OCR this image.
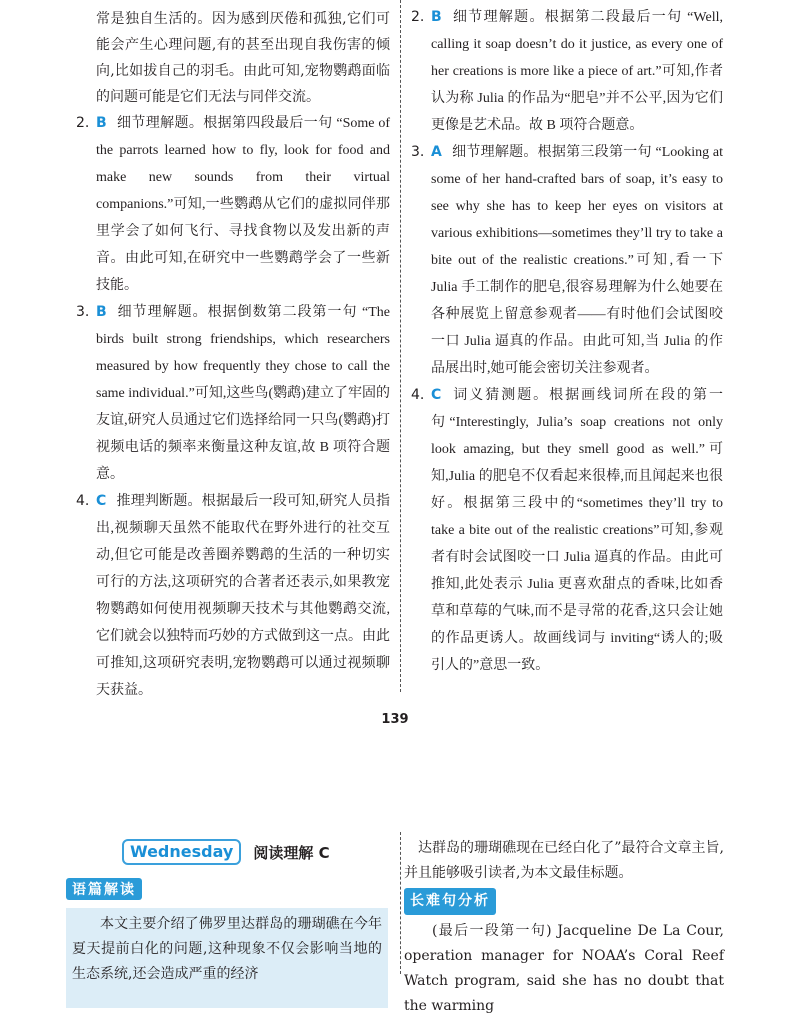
常是独自生活的。因为感到厌倦和孤独,它们可能会产生心理问题,有的甚至出现自我伤害的倾向,比如拔自己的羽毛。由此可知,宠物鹦鹉面临的问题可能是它们无法与同伴交流。

2. B 细节理解题。根据第四段最后一句 “Some of the parrots learned how to fly, look for food and make new sounds from their virtual companions.”可知,一些鹦鹉从它们的虚拟同伴那里学会了如何飞行、寻找食物以及发出新的声音。由此可知,在研究中一些鹦鹉学会了一些新技能。
3. B 细节理解题。根据倒数第二段第一句 “The birds built strong friendships, which researchers measured by how frequently they chose to call the same individual.”可知,这些鸟(鹦鹉)建立了牢固的友谊,研究人员通过它们选择给同一只鸟(鹦鹉)打视频电话的频率来衡量这种友谊,故 B 项符合题意。
4. C 推理判断题。根据最后一段可知,研究人员指出,视频聊天虽然不能取代在野外进行的社交互动,但它可能是改善圈养鹦鹉的生活的一种切实可行的方法,这项研究的合著者还表示,如果教宠物鹦鹉如何使用视频聊天技术与其他鹦鹉交流,它们就会以独特而巧妙的方式做到这一点。由此可推知,这项研究表明,宠物鹦鹉可以通过视频聊天获益。
2. B 细节理解题。根据第二段最后一句 “Well, calling it soap doesn’t do it justice, as every one of her creations is more like a piece of art.”可知,作者认为称 Julia 的作品为“肥皂”并不公平,因为它们更像是艺术品。故 B 项符合题意。
3. A 细节理解题。根据第三段第一句 “Looking at some of her hand-crafted bars of soap, it’s easy to see why she has to keep her eyes on visitors at various exhibitions—sometimes they’ll try to take a bite out of the realistic creations.”可知,看一下 Julia 手工制作的肥皂,很容易理解为什么她要在各种展览上留意参观者——有时他们会试图咬一口 Julia 逼真的作品。由此可知,当 Julia 的作品展出时,她可能会密切关注参观者。
4. C 词义猜测题。根据画线词所在段的第一句“Interestingly, Julia’s soap creations not only look amazing, but they smell good as well.”可知,Julia 的肥皂不仅看起来很棒,而且闻起来也很好。根据第三段中的“sometimes they’ll try to take a bite out of the realistic creations”可知,参观者有时会试图咬一口 Julia 逼真的作品。由此可推知,此处表示 Julia 更喜欢甜点的香味,比如香草和草莓的气味,而不是寻常的花香,这只会让她的作品更诱人。故画线词与 inviting“诱人的;吸引人的”意思一致。
139
Wednesday	阅读理解 C
语篇解读

本文主要介绍了佛罗里达群岛的珊瑚礁在今年夏天提前白化的问题,这种现象不仅会影响当地的生态系统,还会造成严重的经济

达群岛的珊瑚礁现在已经白化了”最符合文章主旨,并且能够吸引读者,为本文最佳标题。

长难句分析

(最后一段第一句) Jacqueline De La Cour, operation manager for NOAA’s Coral Reef Watch program, said she has no doubt that the warming
